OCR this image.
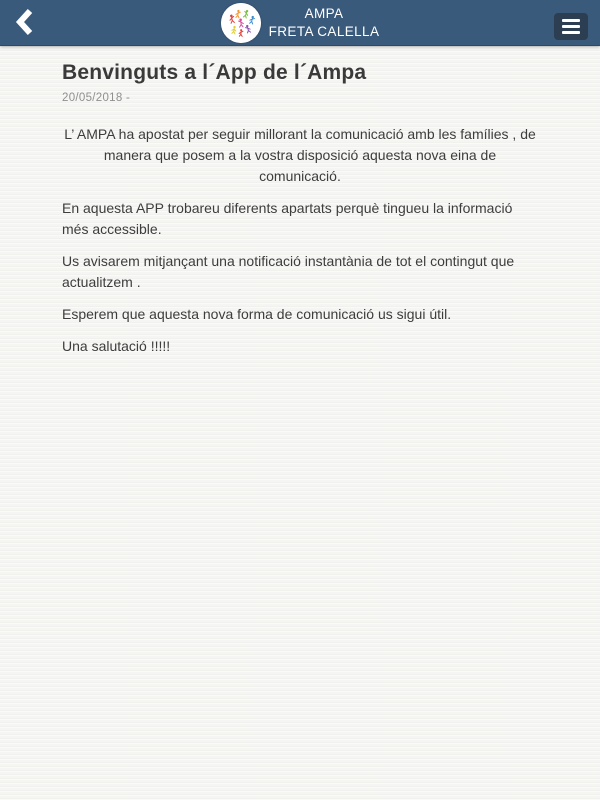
AMPA
FRETA CALELLA
Benvinguts a l´App de l´Ampa
20/05/2018 -

L’ AMPA ha apostat per seguir millorant la comunicació amb les famílies , de manera que posem a la vostra disposició aquesta nova eina de comunicació.

En aquesta APP trobareu diferents apartats perquè tingueu la informació més accessible.

Us avisarem mitjançant una notificació instantània de tot el contingut que actualitzem .

Esperem que aquesta nova forma de comunicació us sigui útil.

Una salutació !!!!!
